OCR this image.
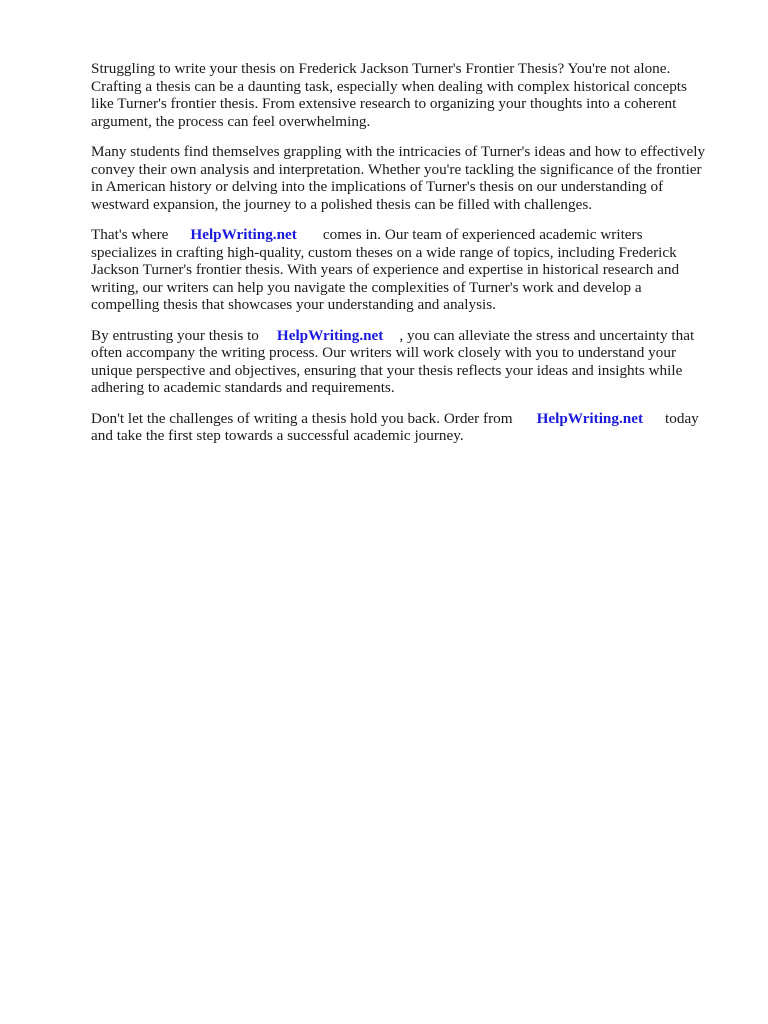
Struggling to write your thesis on Frederick Jackson Turner's Frontier Thesis? You're not alone.
Crafting a thesis can be a daunting task, especially when dealing with complex historical concepts
like Turner's frontier thesis. From extensive research to organizing your thoughts into a coherent
argument, the process can feel overwhelming.
Many students find themselves grappling with the intricacies of Turner's ideas and how to effectively
convey their own analysis and interpretation. Whether you're tackling the significance of the frontier
in American history or delving into the implications of Turner's thesis on our understanding of
westward expansion, the journey to a polished thesis can be filled with challenges.
That's where HelpWriting.net comes in. Our team of experienced academic writers
specializes in crafting high-quality, custom theses on a wide range of topics, including Frederick
Jackson Turner's frontier thesis. With years of experience and expertise in historical research and
writing, our writers can help you navigate the complexities of Turner's work and develop a
compelling thesis that showcases your understanding and analysis.
By entrusting your thesis to HelpWriting.net , you can alleviate the stress and uncertainty that
often accompany the writing process. Our writers will work closely with you to understand your
unique perspective and objectives, ensuring that your thesis reflects your ideas and insights while
adhering to academic standards and requirements.
Don't let the challenges of writing a thesis hold you back. Order from HelpWriting.net today
and take the first step towards a successful academic journey.
